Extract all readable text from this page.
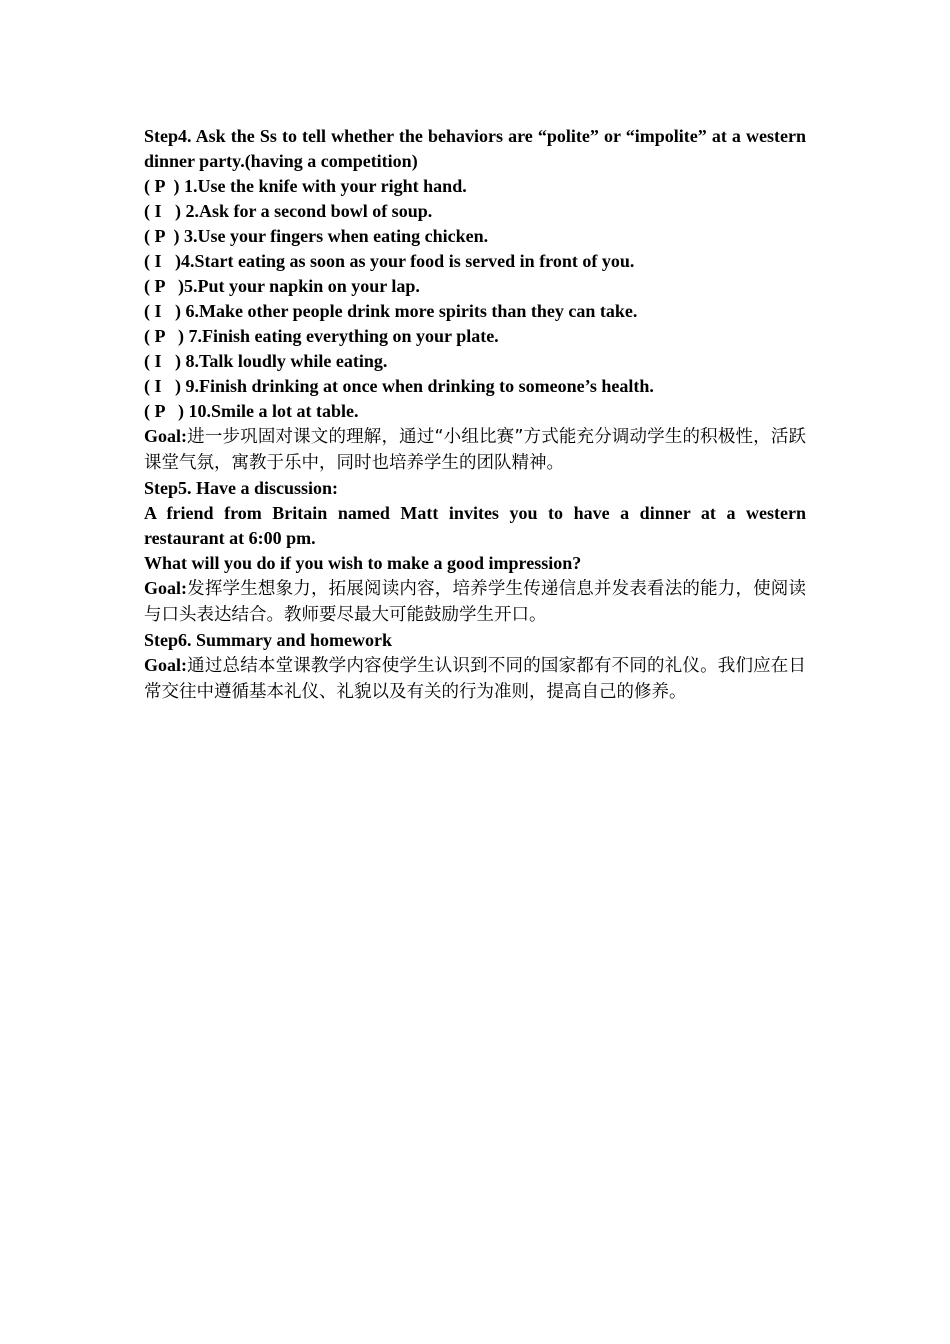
Step4. Ask the Ss to tell whether the behaviors are “polite” or “impolite” at a western dinner party.(having a competition)

( P  ) 1.Use the knife with your right hand.

( I   ) 2.Ask for a second bowl of soup.

( P  ) 3.Use your fingers when eating chicken.

( I   )4.Start eating as soon as your food is served in front of you.

( P   )5.Put your napkin on your lap.

( I   ) 6.Make other people drink more spirits than they can take.

( P   ) 7.Finish eating everything on your plate.

( I   ) 8.Talk loudly while eating.

( I   ) 9.Finish drinking at once when drinking to someone’s health.

( P   ) 10.Smile a lot at table.

Goal:进一步巩固对课文的理解，通过“小组比赛”方式能充分调动学生的积极性，活跃课堂气氛，寓教于乐中，同时也培养学生的团队精神。

Step5. Have a discussion:

A friend from Britain named Matt invites you to have a dinner at a western restaurant at 6:00 pm.

What will you do if you wish to make a good impression?

Goal:发挥学生想象力，拓展阅读内容，培养学生传递信息并发表看法的能力，使阅读与口头表达结合。教师要尽最大可能鼓励学生开口。

Step6. Summary and homework

Goal:通过总结本堂课教学内容使学生认识到不同的国家都有不同的礼仪。我们应在日常交往中遵循基本礼仪、礼貌以及有关的行为准则，提高自己的修养。
